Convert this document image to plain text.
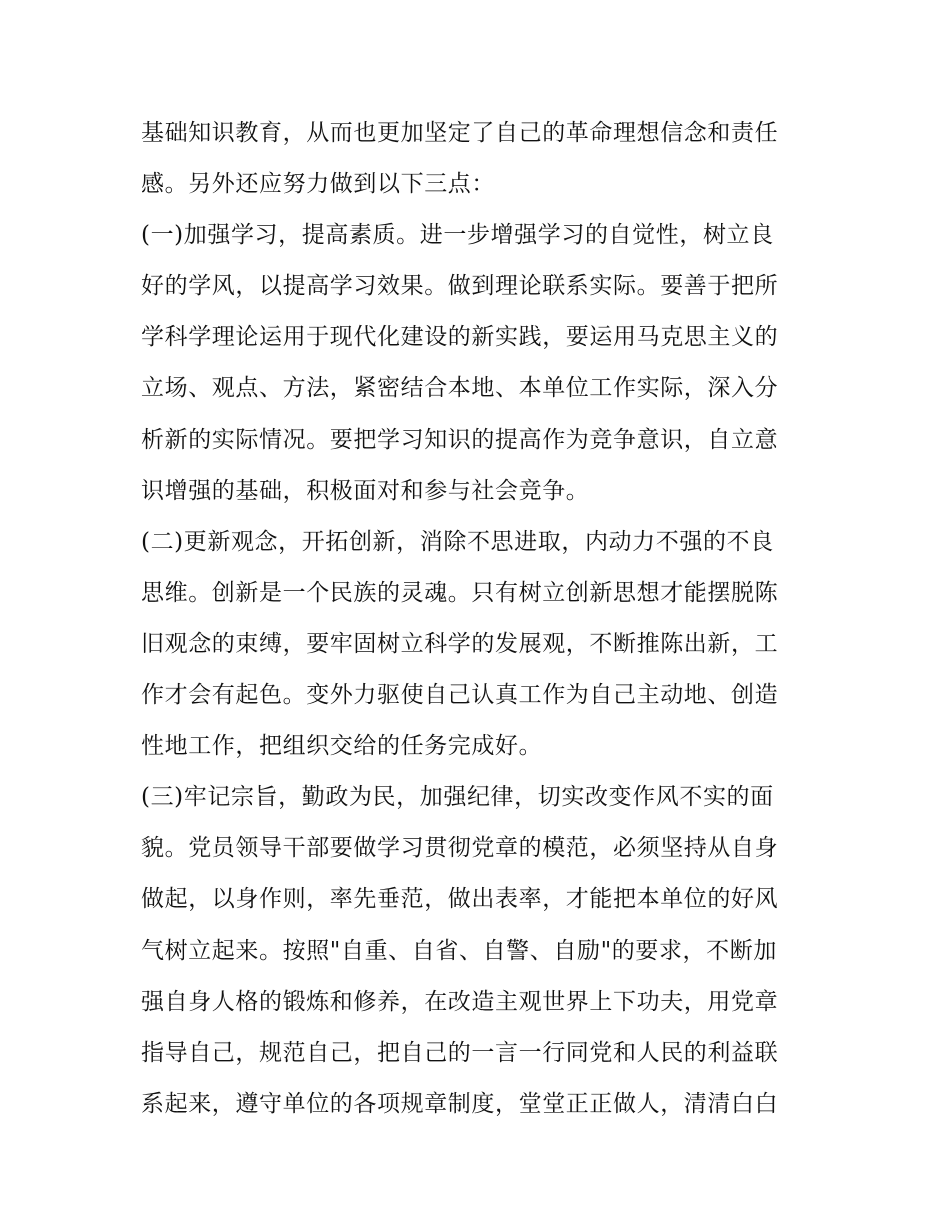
基础知识教育，从而也更加坚定了自己的革命理想信念和责任
感。另外还应努力做到以下三点：
(一)加强学习，提高素质。进一步增强学习的自觉性，树立良
好的学风，以提高学习效果。做到理论联系实际。要善于把所
学科学理论运用于现代化建设的新实践，要运用马克思主义的
立场、观点、方法，紧密结合本地、本单位工作实际，深入分
析新的实际情况。要把学习知识的提高作为竞争意识，自立意
识增强的基础，积极面对和参与社会竞争。
(二)更新观念，开拓创新，消除不思进取，内动力不强的不良
思维。创新是一个民族的灵魂。只有树立创新思想才能摆脱陈
旧观念的束缚，要牢固树立科学的发展观，不断推陈出新，工
作才会有起色。变外力驱使自己认真工作为自己主动地、创造
性地工作，把组织交给的任务完成好。
(三)牢记宗旨，勤政为民，加强纪律，切实改变作风不实的面
貌。党员领导干部要做学习贯彻党章的模范，必须坚持从自身
做起，以身作则，率先垂范，做出表率，才能把本单位的好风
气树立起来。按照"自重、自省、自警、自励"的要求，不断加
强自身人格的锻炼和修养，在改造主观世界上下功夫，用党章
指导自己，规范自己，把自己的一言一行同党和人民的利益联
系起来，遵守单位的各项规章制度，堂堂正正做人，清清白白
